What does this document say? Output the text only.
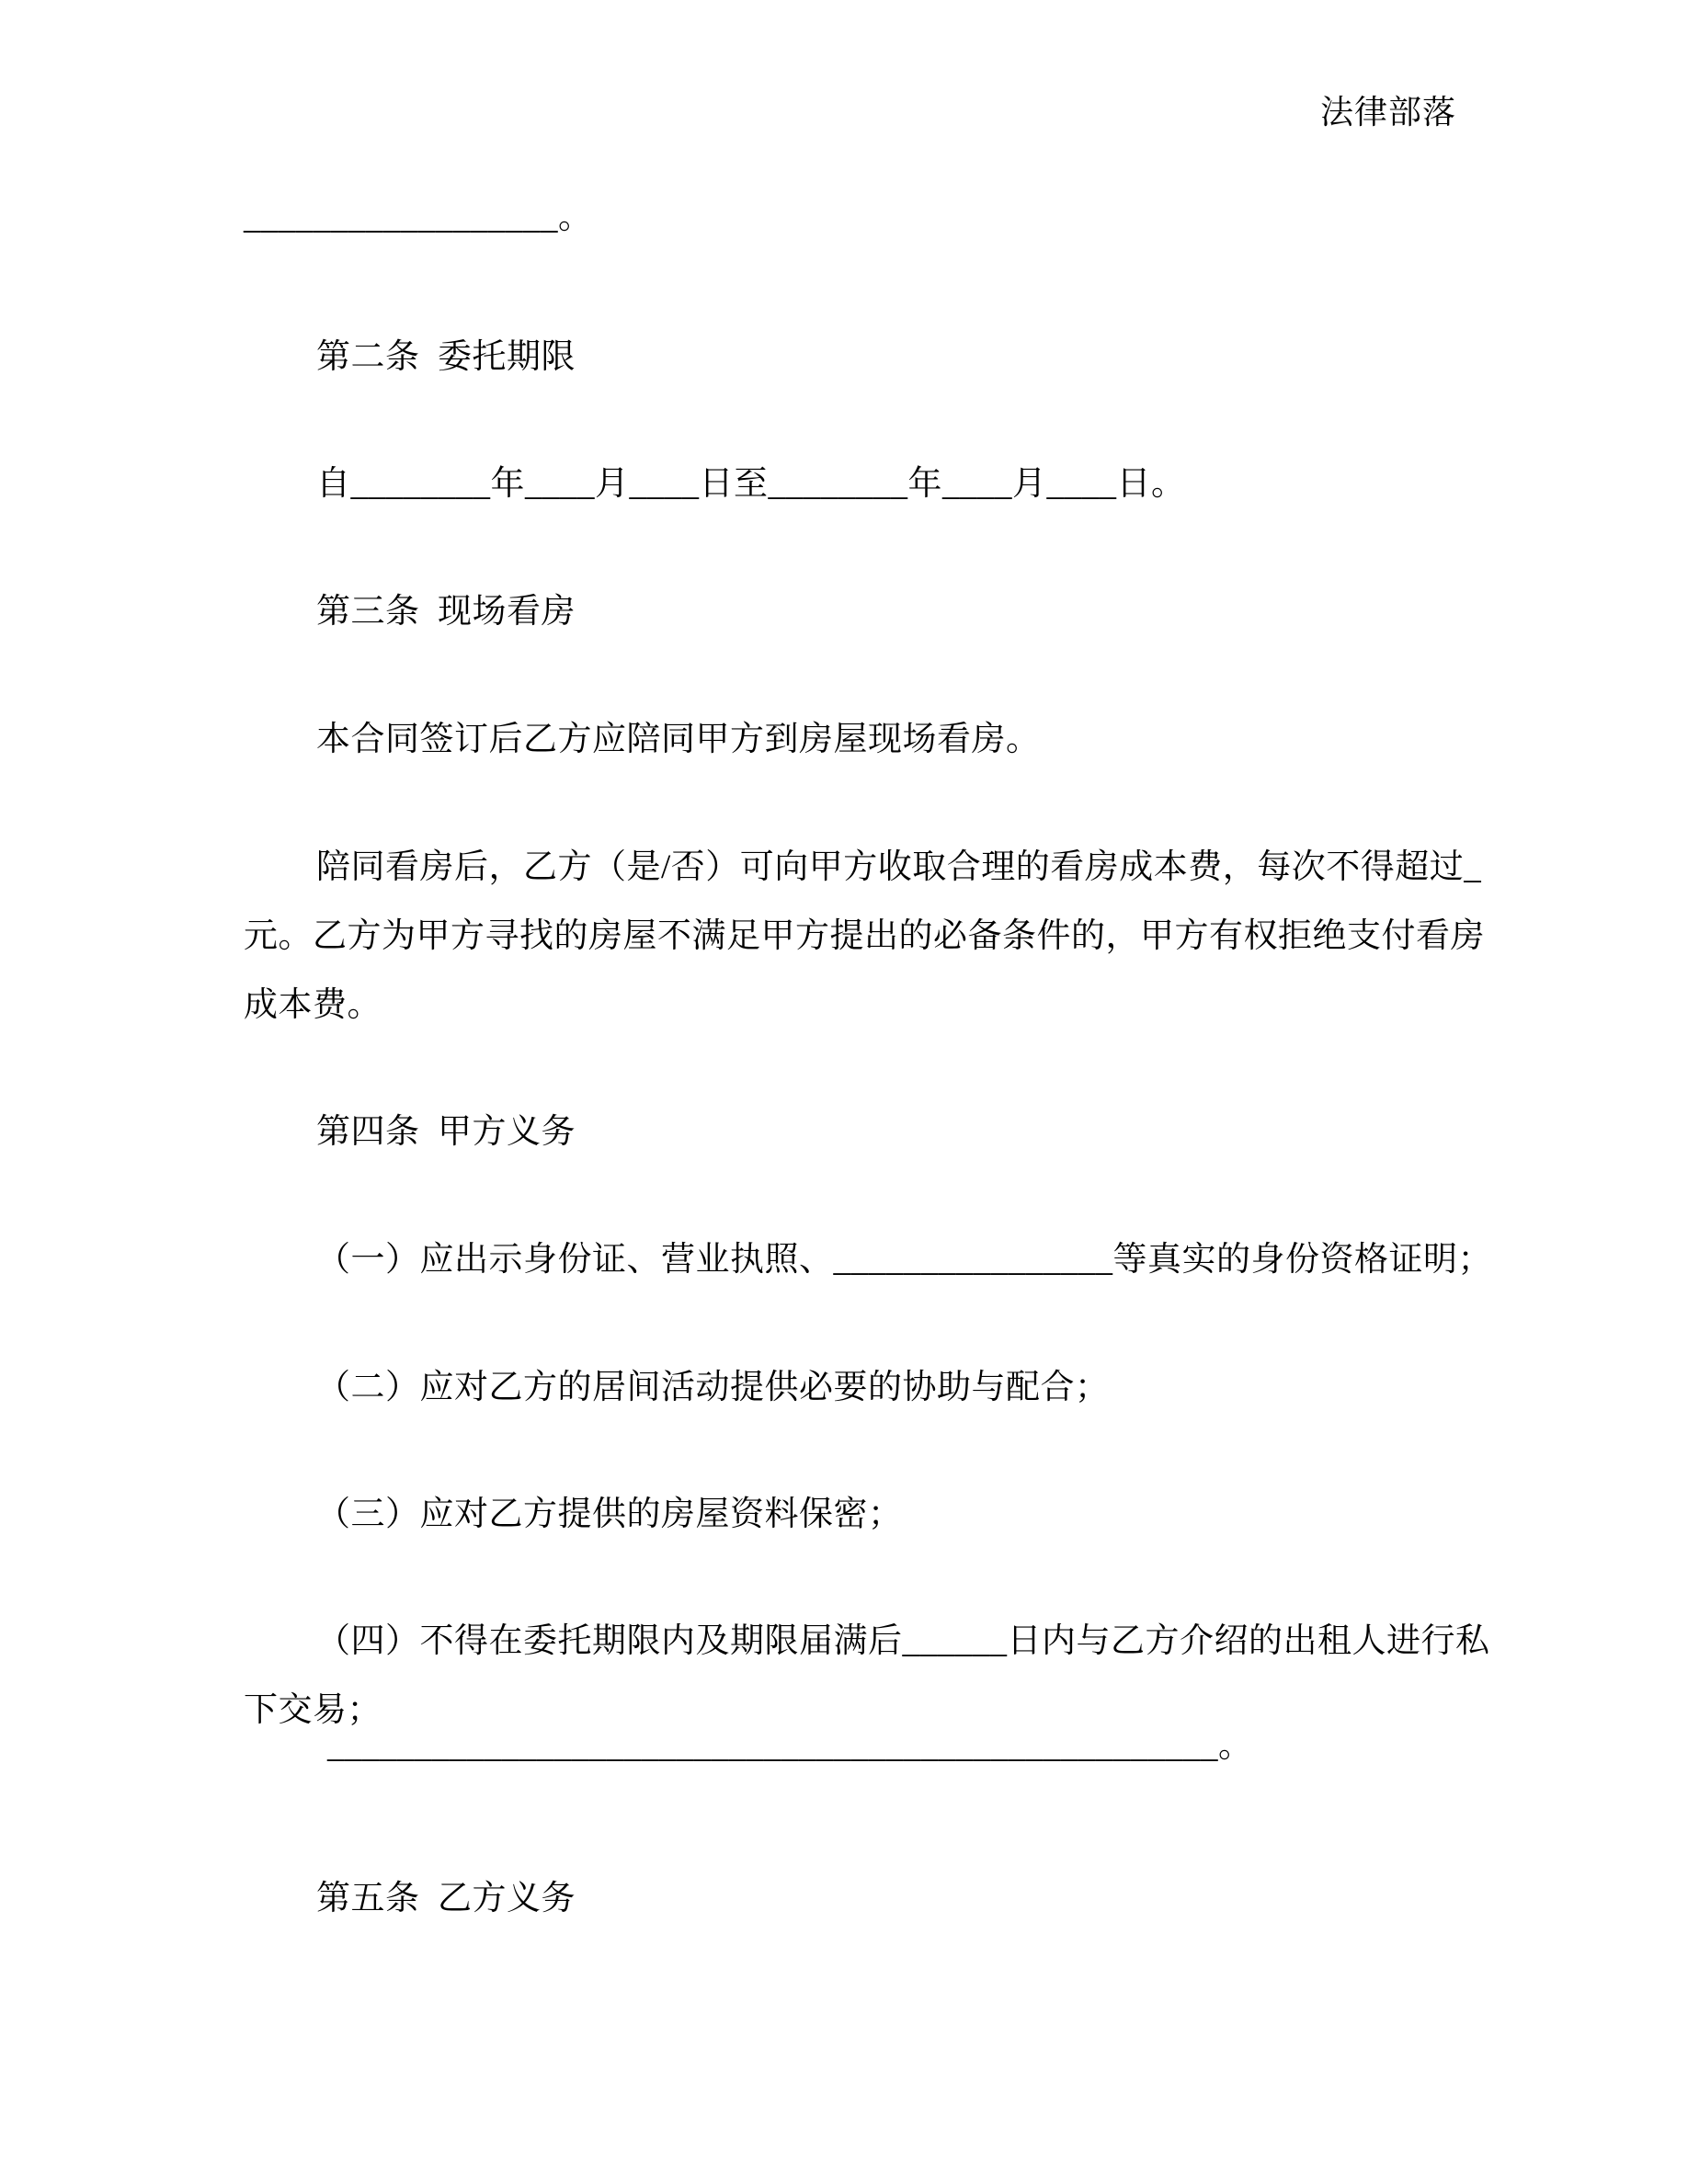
法律部落

__________________。

第二条  委托期限

自________年____月____日至________年____月____日。

第三条  现场看房

本合同签订后乙方应陪同甲方到房屋现场看房。

陪同看房后，乙方（是/否）可向甲方收取合理的看房成本费，每次不得超过_

元。乙方为甲方寻找的房屋不满足甲方提出的必备条件的，甲方有权拒绝支付看房

成本费。

第四条  甲方义务

（一）应出示身份证、营业执照、________________等真实的身份资格证明；

（二）应对乙方的居间活动提供必要的协助与配合；

（三）应对乙方提供的房屋资料保密；

（四）不得在委托期限内及期限届满后______日内与乙方介绍的出租人进行私

下交易；

___________________________________________________。

第五条  乙方义务
